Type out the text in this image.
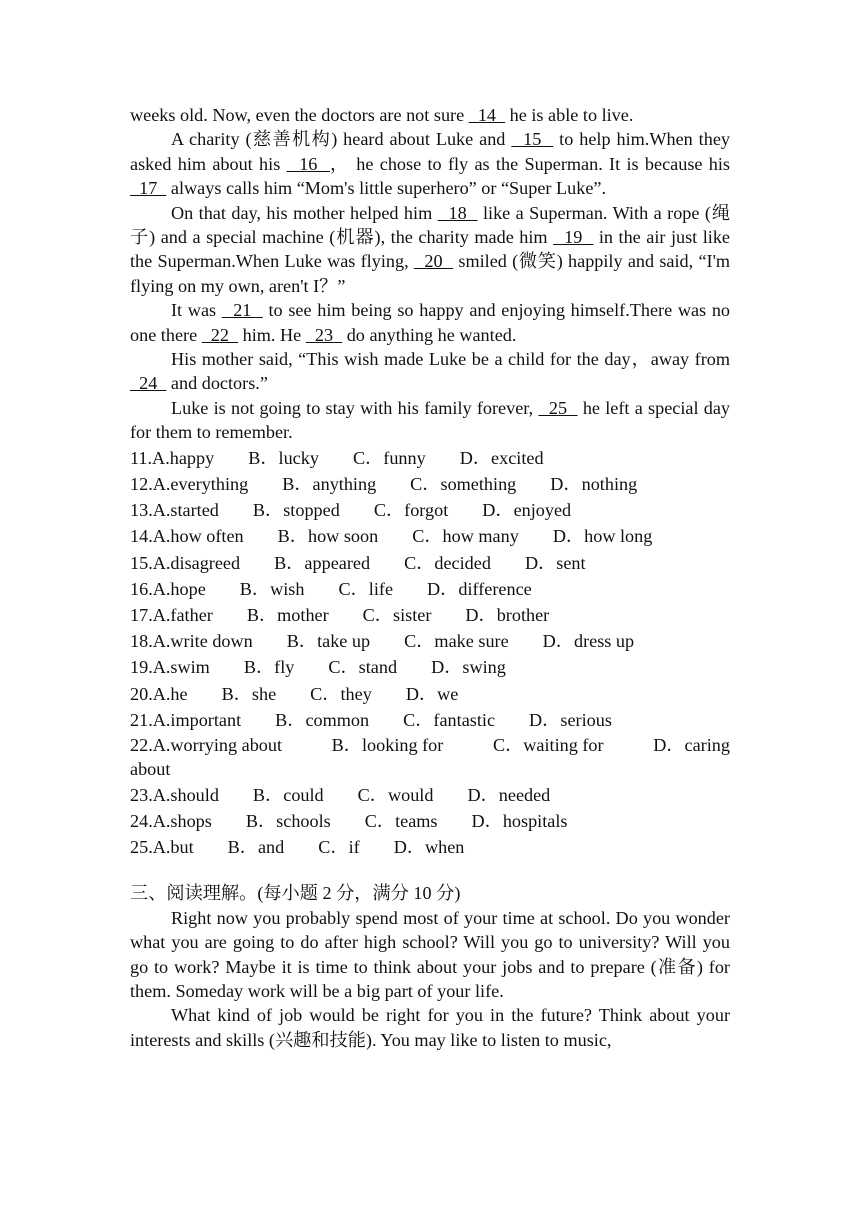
weeks old. Now, even the doctors are not sure   14   he is able to live.

A charity (慈善机构) heard about Luke and   15   to help him.When they asked him about his   16  ， he chose to fly as the Superman. It is because his   17   always calls him “Mom's little superhero” or “Super Luke”.

On that day, his mother helped him   18   like a Superman. With a rope (绳子) and a special machine (机器), the charity made him   19   in the air just like the Superman.When Luke was flying,   20   smiled (微笑) happily and said, “I'm flying on my own, aren't I？”

It was   21   to see him being so happy and enjoying himself.There was no one there   22   him. He   23   do anything he wanted.

His mother said, “This wish made Luke be a child for the day，away from   24   and doctors.”

Luke is not going to stay with his family forever,   25   he left a special day for them to remember.

11.A.happy B．lucky C．funny D．excited
12.A.everything B．anything C．something D．nothing
13.A.started B．stopped C．forgot D．enjoyed
14.A.how often B．how soon C．how many D．how long
15.A.disagreed B．appeared C．decided D．sent
16.A.hope B．wish C．life D．difference
17.A.father B．mother C．sister D．brother
18.A.write down B．take up C．make sure D．dress up
19.A.swim B．fly C．stand D．swing
20.A.he B．she C．they D．we
21.A.important B．common C．fantastic D．serious
22.A.worrying about	B．looking for	C．waiting for	D．caring
about
23.A.should B．could C．would D．needed
24.A.shops B．schools C．teams D．hospitals
25.A.but B．and C．if D．when
三、阅读理解。(每小题 2 分，满分 10 分)

Right now you probably spend most of your time at school. Do you wonder what you are going to do after high school? Will you go to university? Will you go to work? Maybe it is time to think about your jobs and to prepare (准备) for them. Someday work will be a big part of your life.

What kind of job would be right for you in the future? Think about your interests and skills (兴趣和技能). You may like to listen to music,
